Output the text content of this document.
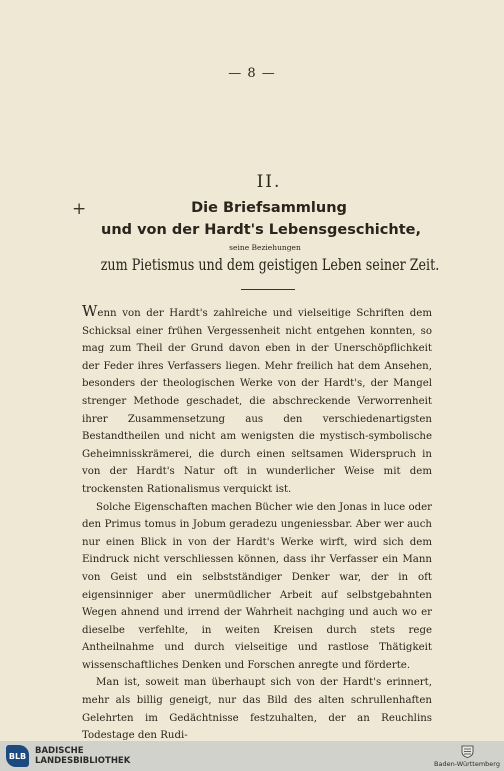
— 8 —
+
II.
Die Briefsammlung
und von der Hardt's Lebensgeschichte,
seine Beziehungen
zum Pietismus und dem geistigen Leben seiner Zeit.

Wenn von der Hardt's zahlreiche und vielseitige Schriften dem Schicksal einer frühen Vergessenheit nicht entgehen konnten, so mag zum Theil der Grund davon eben in der Unerschöpflichkeit der Feder ihres Verfassers liegen. Mehr freilich hat dem Ansehen, besonders der theologischen Werke von der Hardt's, der Mangel strenger Methode geschadet, die abschreckende Verworrenheit ihrer Zusammensetzung aus den verschiedenartigsten Bestandtheilen und nicht am wenigsten die mystisch-symbolische Geheimnisskrämerei, die durch einen seltsamen Widerspruch in von der Hardt's Natur oft in wunderlicher Weise mit dem trockensten Rationalismus verquickt ist.

Solche Eigenschaften machen Bücher wie den Jonas in luce oder den Primus tomus in Jobum geradezu ungeniessbar. Aber wer auch nur einen Blick in von der Hardt's Werke wirft, wird sich dem Eindruck nicht verschliessen können, dass ihr Verfasser ein Mann von Geist und ein selbstständiger Denker war, der in oft eigensinniger aber unermüdlicher Arbeit auf selbstgebahnten Wegen ahnend und irrend der Wahrheit nachging und auch wo er dieselbe verfehlte, in weiten Kreisen durch stets rege Antheilnahme und durch vielseitige und rastlose Thätigkeit wissenschaftliches Denken und Forschen anregte und förderte.

Man ist, soweit man überhaupt sich von der Hardt's erinnert, mehr als billig geneigt, nur das Bild des alten schrullenhaften Gelehrten im Gedächtnisse festzuhalten, der an Reuchlins Todestage den Rudi-

BLB	BADISCHE
LANDESBIBLIOTHEK	Baden-Württemberg
